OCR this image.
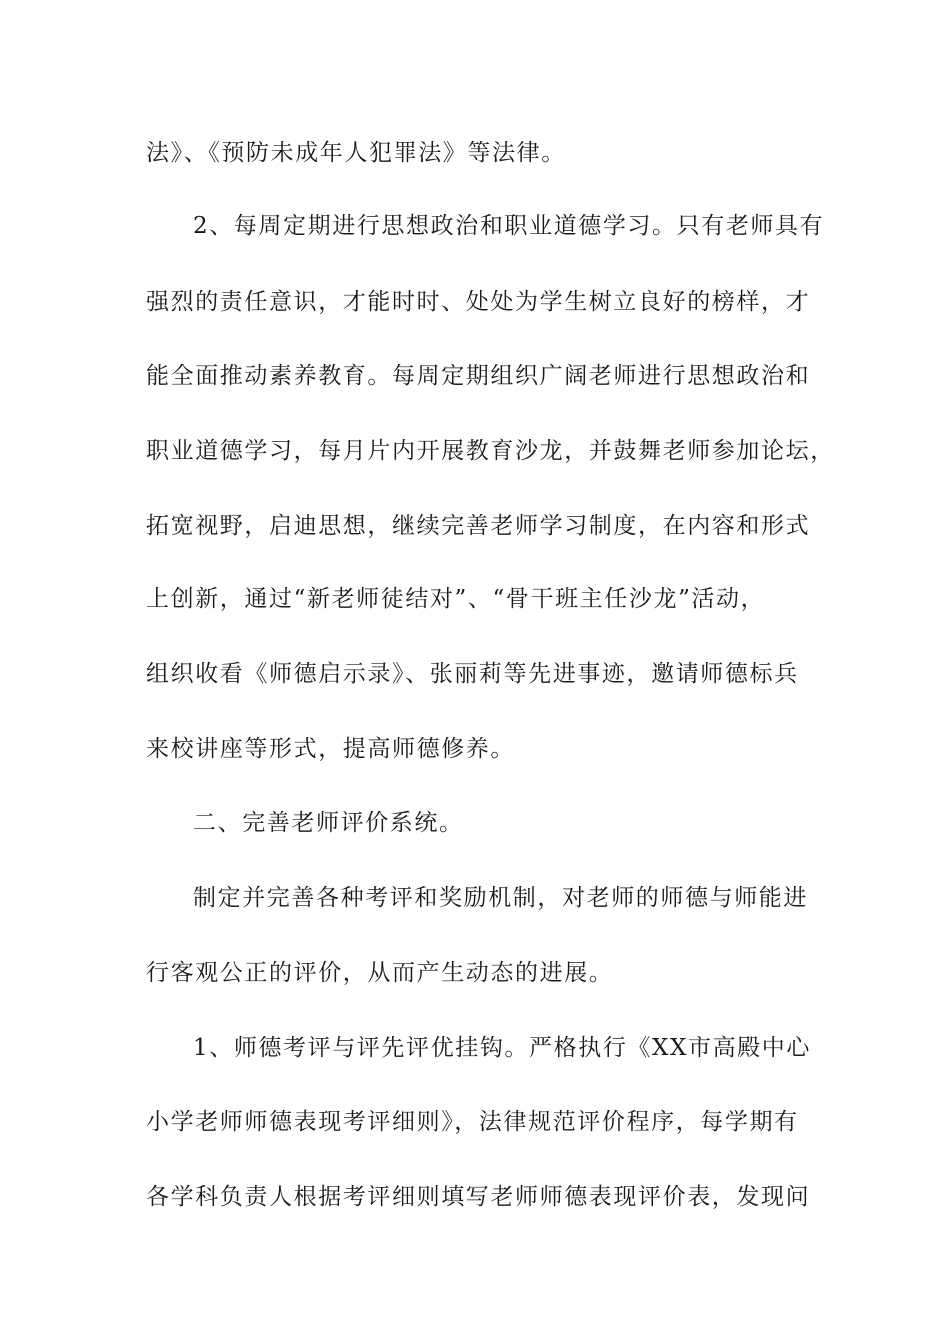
法》、《预防未成年人犯罪法》等法律。
2、每周定期进行思想政治和职业道德学习。只有老师具有
强烈的责任意识，才能时时、处处为学生树立良好的榜样，才
能全面推动素养教育。每周定期组织广阔老师进行思想政治和
职业道德学习，每月片内开展教育沙龙，并鼓舞老师参加论坛，
拓宽视野，启迪思想，继续完善老师学习制度，在内容和形式
上创新，通过“新老师徒结对”、“骨干班主任沙龙”活动，
组织收看《师德启示录》、张丽莉等先进事迹，邀请师德标兵
来校讲座等形式，提高师德修养。
二、完善老师评价系统。
制定并完善各种考评和奖励机制，对老师的师德与师能进
行客观公正的评价，从而产生动态的进展。
1、师德考评与评先评优挂钩。严格执行《XX市高殿中心
小学老师师德表现考评细则》，法律规范评价程序，每学期有
各学科负责人根据考评细则填写老师师德表现评价表，发现问
